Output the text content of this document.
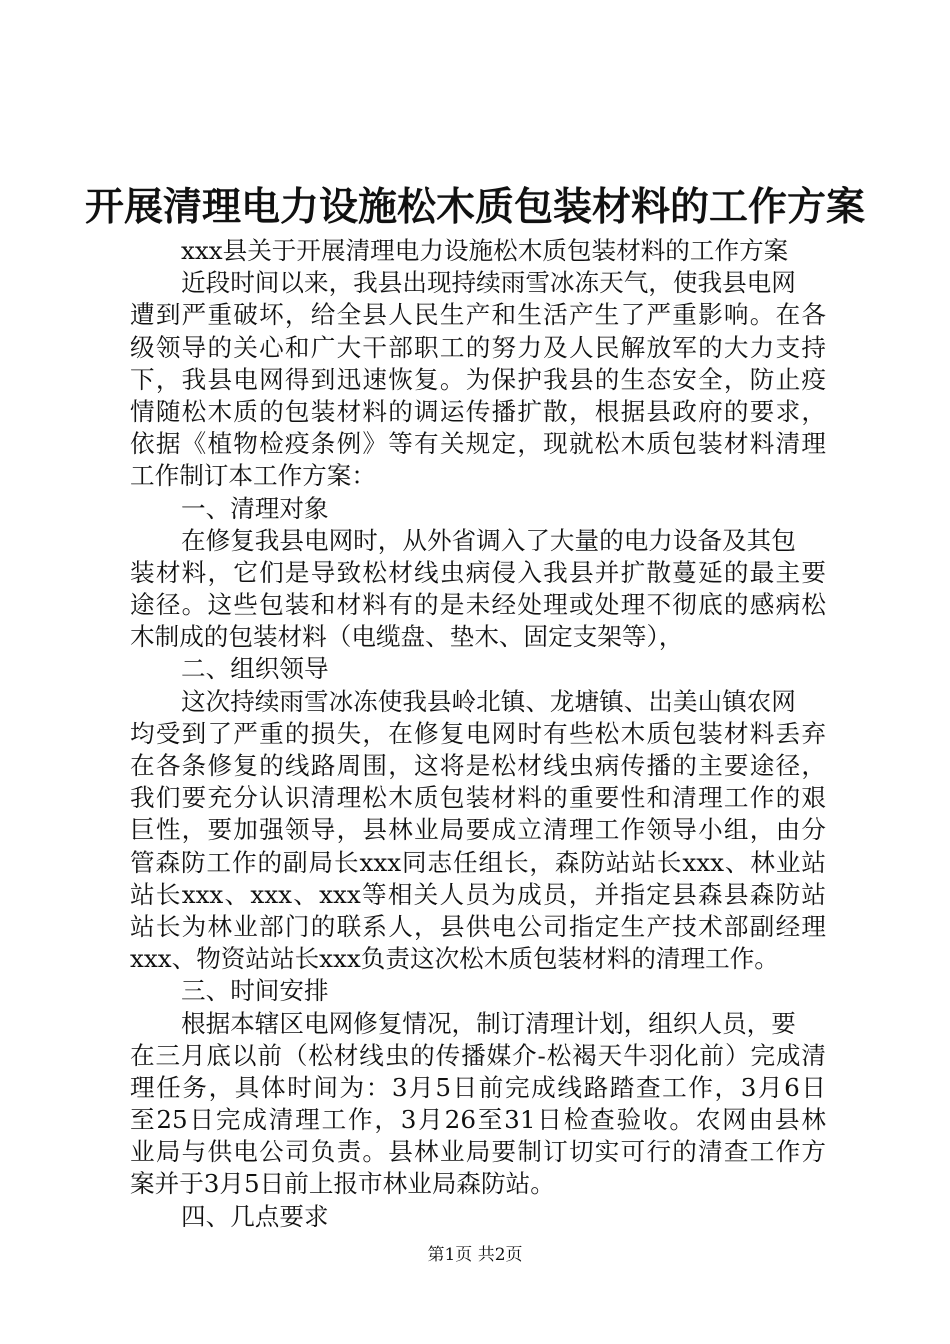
开展清理电力设施松木质包装材料的工作方案
xxx县关于开展清理电力设施松木质包装材料的工作方案
近段时间以来，我县出现持续雨雪冰冻天气，使我县电网
遭到严重破坏，给全县人民生产和生活产生了严重影响。在各
级领导的关心和广大干部职工的努力及人民解放军的大力支持
下，我县电网得到迅速恢复。为保护我县的生态安全，防止疫
情随松木质的包装材料的调运传播扩散，根据县政府的要求，
依据《植物检疫条例》等有关规定，现就松木质包装材料清理
工作制订本工作方案：
一、清理对象
在修复我县电网时，从外省调入了大量的电力设备及其包
装材料，它们是导致松材线虫病侵入我县并扩散蔓延的最主要
途径。这些包装和材料有的是未经处理或处理不彻底的感病松
木制成的包装材料（电缆盘、垫木、固定支架等），
二、组织领导
这次持续雨雪冰冻使我县岭北镇、龙塘镇、岀美山镇农网
均受到了严重的损失，在修复电网时有些松木质包装材料丢弃
在各条修复的线路周围，这将是松材线虫病传播的主要途径，
我们要充分认识清理松木质包装材料的重要性和清理工作的艰
巨性，要加强领导，县林业局要成立清理工作领导小组，由分
管森防工作的副局长xxx同志任组长，森防站站长xxx、林业站
站长xxx、xxx、xxx等相关人员为成员，并指定县森县森防站
站长为林业部门的联系人，县供电公司指定生产技术部副经理
xxx、物资站站长xxx负责这次松木质包装材料的清理工作。
三、时间安排
根据本辖区电网修复情况，制订清理计划，组织人员，要
在三月底以前（松材线虫的传播媒介-松褐天牛羽化前）完成清
理任务，具体时间为：3月5日前完成线路踏查工作，3月6日
至25日完成清理工作，3月26至31日检查验收。农网由县林
业局与供电公司负责。县林业局要制订切实可行的清查工作方
案并于3月5日前上报市林业局森防站。
四、几点要求
第1页 共2页
